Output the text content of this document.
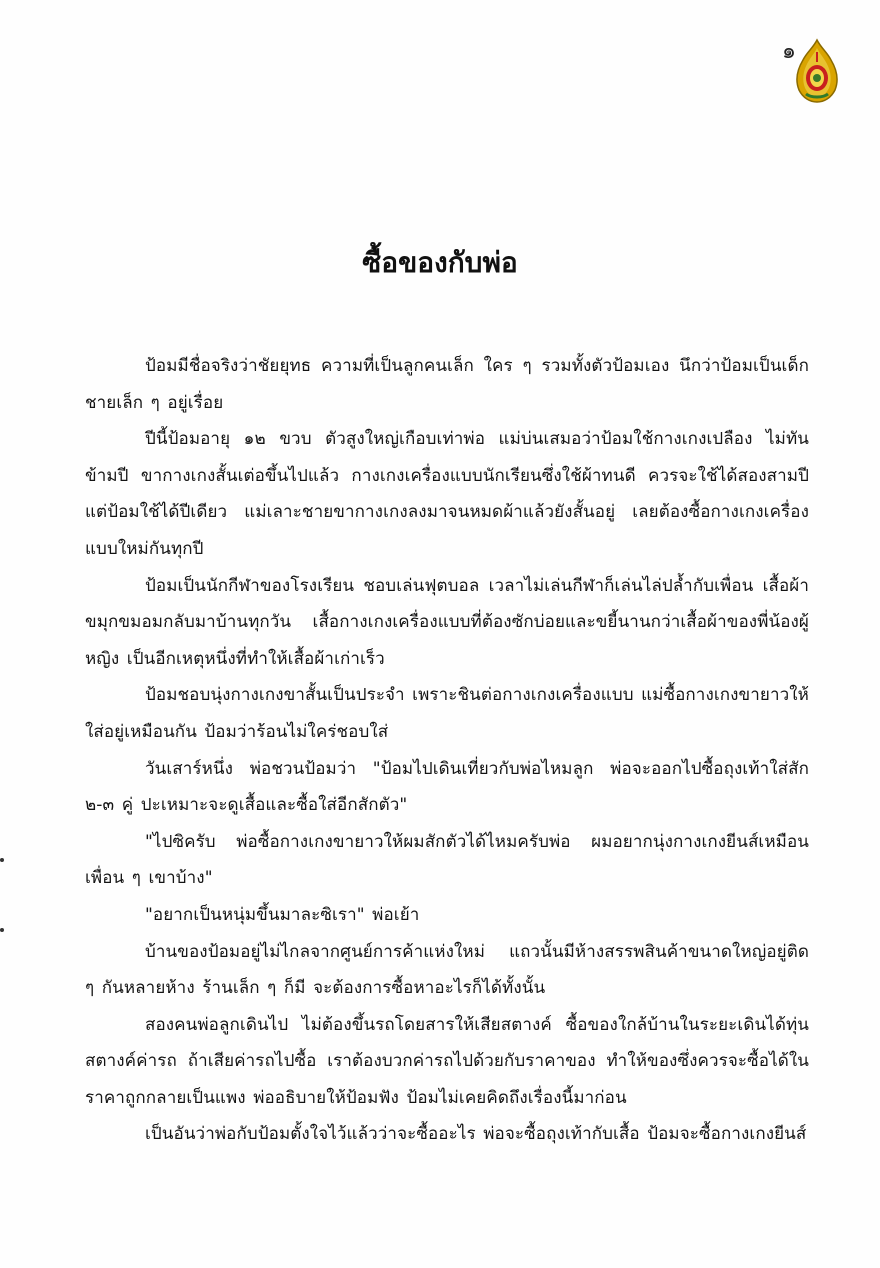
๑
ซื้อของกับพ่อ

ป้อมมีชื่อจริงว่าชัยยุทธ ความที่เป็นลูกคนเล็ก ใคร ๆ รวมทั้งตัวป้อมเอง นึกว่าป้อมเป็นเด็กชายเล็ก ๆ อยู่เรื่อย

ปีนี้ป้อมอายุ ๑๒ ขวบ ตัวสูงใหญ่เกือบเท่าพ่อ แม่บ่นเสมอว่าป้อมใช้กางเกงเปลือง ไม่ทันข้ามปี ขากางเกงสั้นเต่อขึ้นไปแล้ว กางเกงเครื่องแบบนักเรียนซึ่งใช้ผ้าทนดี ควรจะใช้ได้สองสามปี แต่ป้อมใช้ได้ปีเดียว แม่เลาะชายขากางเกงลงมาจนหมดผ้าแล้วยังสั้นอยู่ เลยต้องซื้อกางเกงเครื่องแบบใหม่กันทุกปี

ป้อมเป็นนักกีฬาของโรงเรียน ชอบเล่นฟุตบอล เวลาไม่เล่นกีฬาก็เล่นไล่ปล้ำกับเพื่อน เสื้อผ้าขมุกขมอมกลับมาบ้านทุกวัน เสื้อกางเกงเครื่องแบบที่ต้องซักบ่อยและขยี้นานกว่าเสื้อผ้าของพี่น้องผู้หญิง เป็นอีกเหตุหนึ่งที่ทำให้เสื้อผ้าเก่าเร็ว

ป้อมชอบนุ่งกางเกงขาสั้นเป็นประจำ เพราะชินต่อกางเกงเครื่องแบบ แม่ซื้อกางเกงขายาวให้ใส่อยู่เหมือนกัน ป้อมว่าร้อนไม่ใคร่ชอบใส่

วันเสาร์หนึ่ง พ่อชวนป้อมว่า "ป้อมไปเดินเที่ยวกับพ่อไหมลูก พ่อจะออกไปซื้อถุงเท้าใส่สัก ๒-๓ คู่ ปะเหมาะจะดูเสื้อและซื้อใส่อีกสักตัว"

"ไปซิครับ พ่อซื้อกางเกงขายาวให้ผมสักตัวได้ไหมครับพ่อ ผมอยากนุ่งกางเกงยีนส์เหมือนเพื่อน ๆ เขาบ้าง"

"อยากเป็นหนุ่มขึ้นมาละซิเรา" พ่อเย้า

บ้านของป้อมอยู่ไม่ไกลจากศูนย์การค้าแห่งใหม่ แถวนั้นมีห้างสรรพสินค้าขนาดใหญ่อยู่ติด ๆ กันหลายห้าง ร้านเล็ก ๆ ก็มี จะต้องการซื้อหาอะไรก็ได้ทั้งนั้น

สองคนพ่อลูกเดินไป ไม่ต้องขึ้นรถโดยสารให้เสียสตางค์ ซื้อของใกล้บ้านในระยะเดินได้ทุ่นสตางค์ค่ารถ ถ้าเสียค่ารถไปซื้อ เราต้องบวกค่ารถไปด้วยกับราคาของ ทำให้ของซึ่งควรจะซื้อได้ในราคาถูกกลายเป็นแพง พ่ออธิบายให้ป้อมฟัง ป้อมไม่เคยคิดถึงเรื่องนี้มาก่อน

เป็นอันว่าพ่อกับป้อมตั้งใจไว้แล้วว่าจะซื้ออะไร พ่อจะซื้อถุงเท้ากับเสื้อ ป้อมจะซื้อกางเกงยีนส์
